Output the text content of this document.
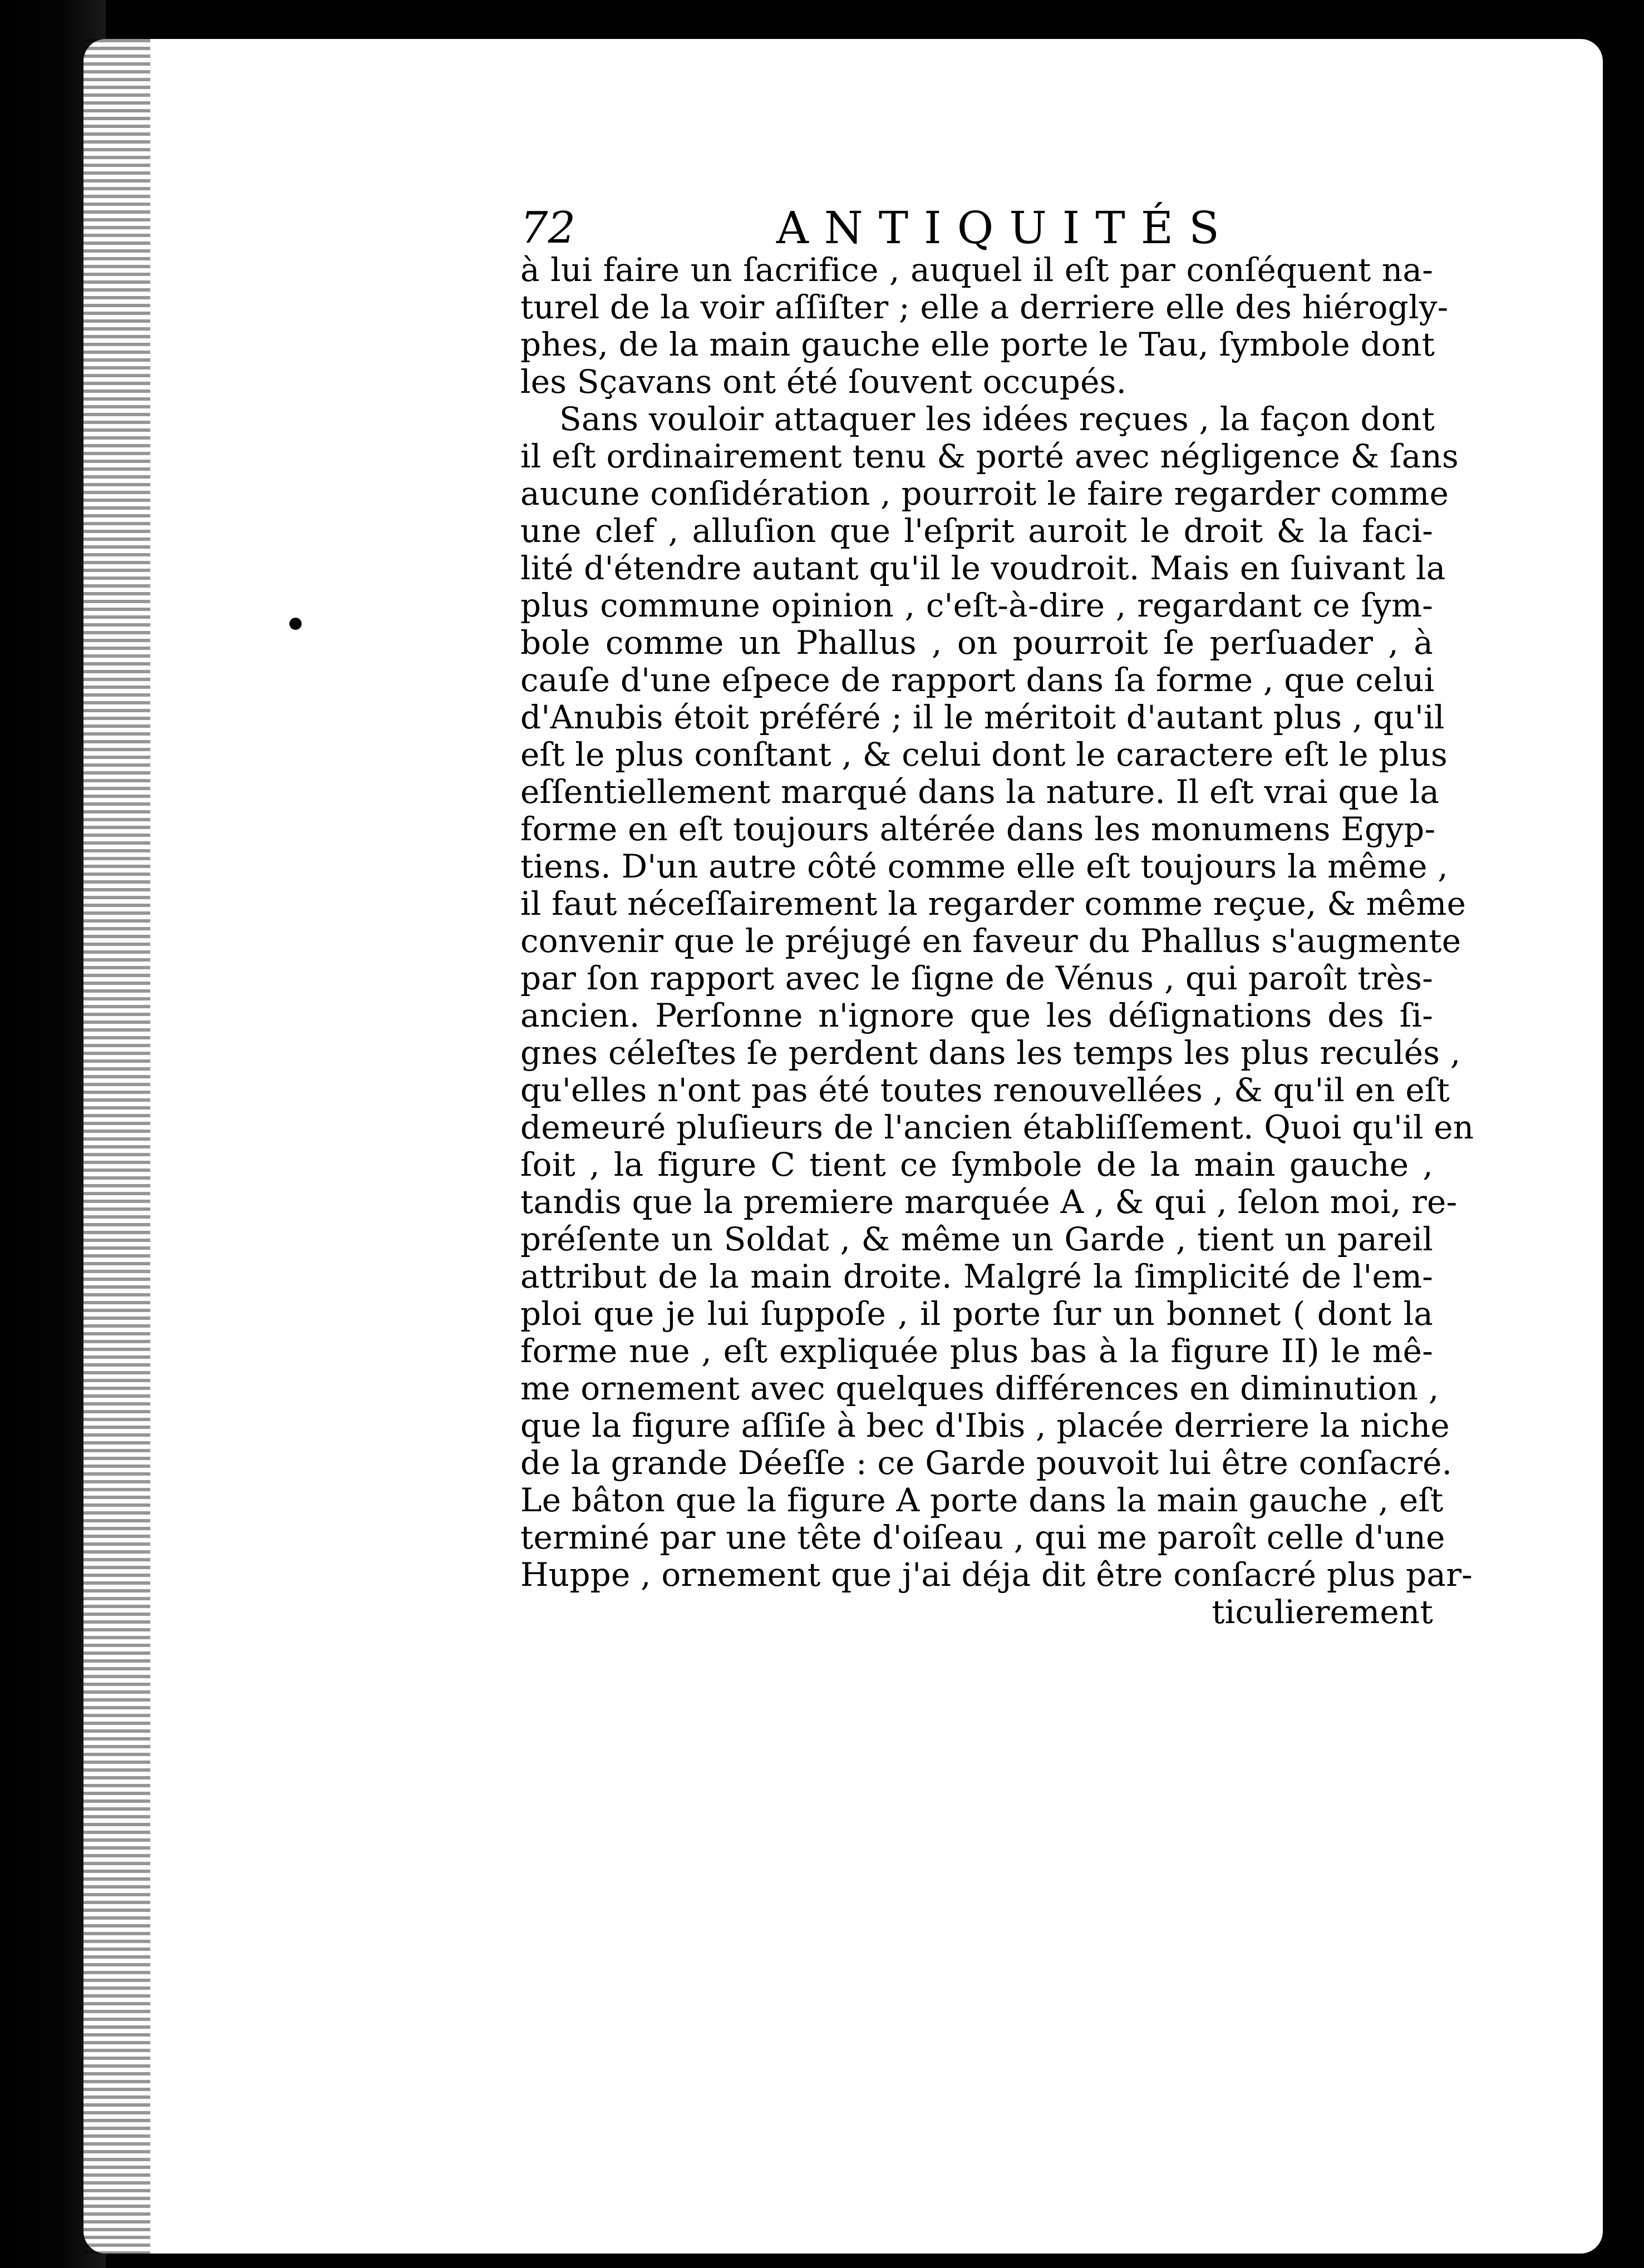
72	ANTIQUITÉS
à lui faire un ſacrifice , auquel il eſt par conſéquent na-
turel de la voir aſſiſter ; elle a derriere elle des hiérogly-
phes, de la main gauche elle porte le Tau, ſymbole dont
les Sçavans ont été ſouvent occupés.
Sans vouloir attaquer les idées reçues , la façon dont
il eſt ordinairement tenu & porté avec négligence & ſans
aucune conſidération , pourroit le faire regarder comme
une clef , alluſion que l'eſprit auroit le droit & la faci-
lité d'étendre autant qu'il le voudroit. Mais en ſuivant la
plus commune opinion , c'eſt-à-dire , regardant ce ſym-
bole comme un Phallus , on pourroit ſe perſuader , à
cauſe d'une eſpece de rapport dans ſa forme , que celui
d'Anubis étoit préféré ; il le méritoit d'autant plus , qu'il
eſt le plus conſtant , & celui dont le caractere eſt le plus
eſſentiellement marqué dans la nature. Il eſt vrai que la
forme en eſt toujours altérée dans les monumens Egyp-
tiens. D'un autre côté comme elle eſt toujours la même ,
il faut néceſſairement la regarder comme reçue, & même
convenir que le préjugé en faveur du Phallus s'augmente
par ſon rapport avec le ſigne de Vénus , qui paroît très-
ancien. Perſonne n'ignore que les déſignations des ſi-
gnes céleſtes ſe perdent dans les temps les plus reculés ,
qu'elles n'ont pas été toutes renouvellées , & qu'il en eſt
demeuré pluſieurs de l'ancien établiſſement. Quoi qu'il en
ſoit , la figure C tient ce ſymbole de la main gauche ,
tandis que la premiere marquée A , & qui , ſelon moi, re-
préſente un Soldat , & même un Garde , tient un pareil
attribut de la main droite. Malgré la ſimplicité de l'em-
ploi que je lui ſuppoſe , il porte ſur un bonnet ( dont la
forme nue , eſt expliquée plus bas à la figure II) le mê-
me ornement avec quelques différences en diminution ,
que la figure aſſiſe à bec d'Ibis , placée derriere la niche
de la grande Déeſſe : ce Garde pouvoit lui être conſacré.
Le bâton que la figure A porte dans la main gauche , eſt
terminé par une tête d'oiſeau , qui me paroît celle d'une
Huppe , ornement que j'ai déja dit être conſacré plus par-
ticulierement
